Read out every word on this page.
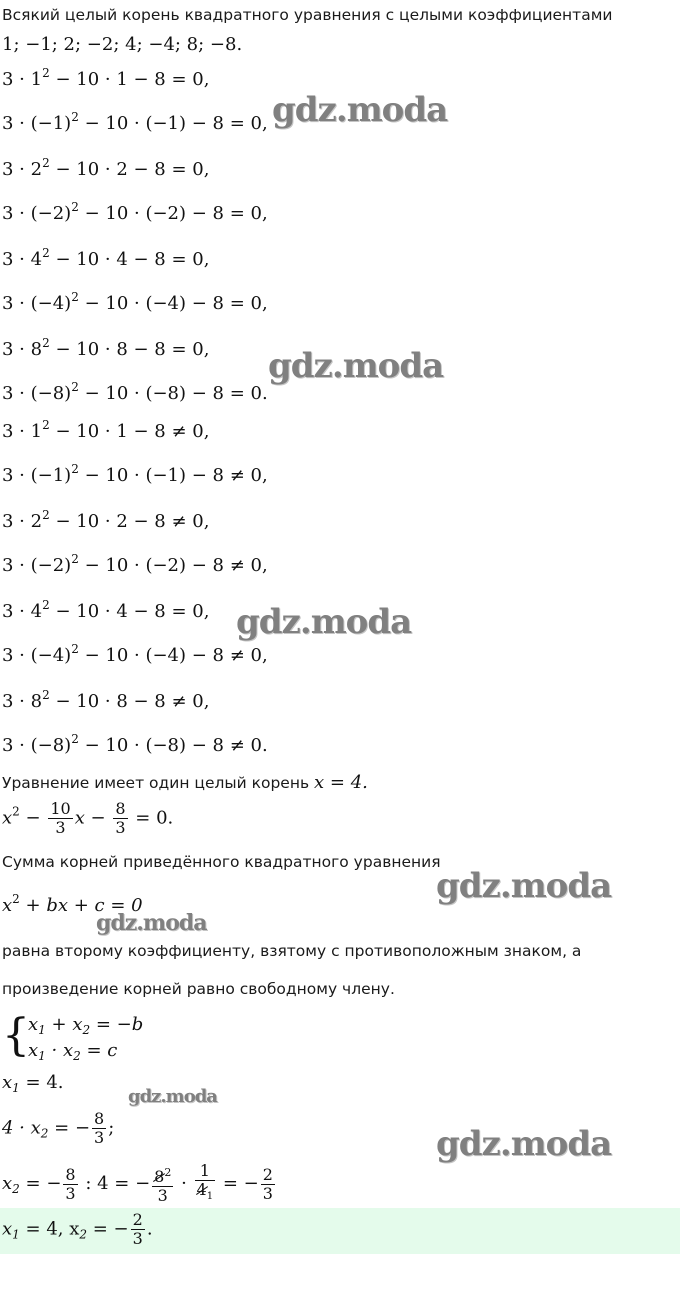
Всякий целый корень квадратного уравнения с целыми коэффициентами
1; −1; 2; −2; 4; −4; 8; −8.
$3 \cdot 1^2 - 10 \cdot 1 - 8 = 0$,
$3 \cdot (-1)^2 - 10 \cdot (-1) - 8 = 0$,
$3 \cdot 2^2 - 10 \cdot 2 - 8 = 0$,
$3 \cdot (-2)^2 - 10 \cdot (-2) - 8 = 0$,
$3 \cdot 4^2 - 10 \cdot 4 - 8 = 0$,
$3 \cdot (-4)^2 - 10 \cdot (-4) - 8 = 0$,
$3 \cdot 8^2 - 10 \cdot 8 - 8 = 0$,
$3 \cdot (-8)^2 - 10 \cdot (-8) - 8 = 0$.
$3 \cdot 1^2 - 10 \cdot 1 - 8 \ne 0$,
$3 \cdot (-1)^2 - 10 \cdot (-1) - 8 \ne 0$,
$3 \cdot 2^2 - 10 \cdot 2 - 8 \ne 0$,
$3 \cdot (-2)^2 - 10 \cdot (-2) - 8 \ne 0$,
$3 \cdot 4^2 - 10 \cdot 4 - 8 = 0$,
$3 \cdot (-4)^2 - 10 \cdot (-4) - 8 \ne 0$,
$3 \cdot 8^2 - 10 \cdot 8 - 8 \ne 0$,
$3 \cdot (-8)^2 - 10 \cdot (-8) - 8 \ne 0$.
Уравнение имеет один целый корень x = 4.
$x^2 - \frac{10}{3}$ $x - \frac{8}{3} = 0$.
Сумма корней приведённого квадратного уравнения
$x^2$ + bx + c = 0
равна второму коэффициенту, взятому с противоположным знаком, а
произведение корней равно свободному члену.
{
$x_1 + x_2 = -b$
$x_1 \cdot x_2 = c$
$x_1 = 4$.
$4 \cdot x_2$ = − $\frac{8}{3}$ ;
$x_2$ = − $\frac{8}{3}$ : 4 = − $\frac{8^2}{3} \cdot \frac{1}{4_1}$ = − $\frac{2}{3}$
$x_1 = 4$, $x_2$ = − $\frac{2}{3}$ .
gdz.moda
gdz.moda
gdz.moda
gdz.moda
gdz.moda
gdz.moda
gdz.moda
